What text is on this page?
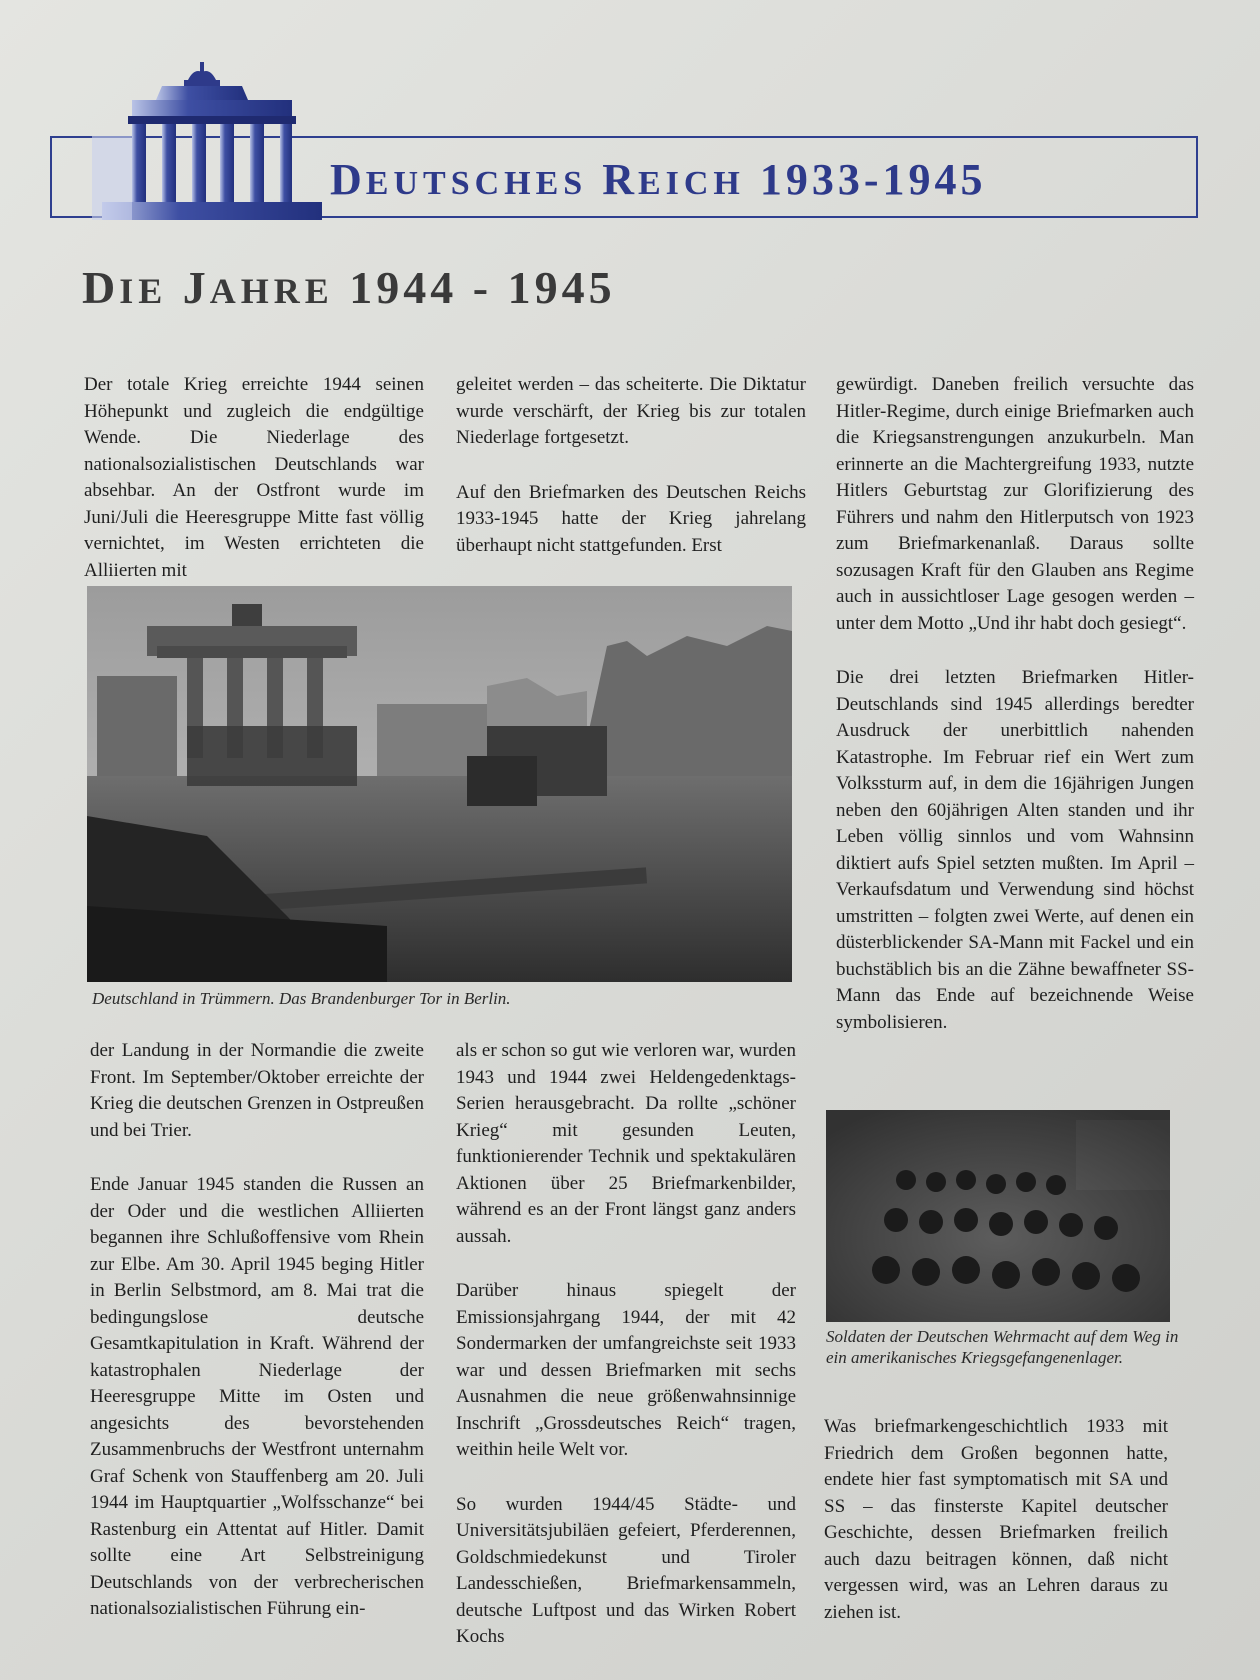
DEUTSCHES REICH 1933-1945
DIE JAHRE 1944 - 1945

Der totale Krieg erreichte 1944 seinen Höhepunkt und zugleich die endgültige Wende. Die Niederlage des nationalsozialistischen Deutschlands war absehbar. An der Ostfront wurde im Juni/Juli die Heeresgruppe Mitte fast völlig vernichtet, im Westen errichteten die Alliierten mit

geleitet werden – das scheiterte. Die Diktatur wurde verschärft, der Krieg bis zur totalen Niederlage fortgesetzt.

Auf den Briefmarken des Deutschen Reichs 1933-1945 hatte der Krieg jahrelang überhaupt nicht stattgefunden. Erst

gewürdigt. Daneben freilich versuchte das Hitler-Regime, durch einige Briefmarken auch die Kriegsanstrengungen anzukurbeln. Man erinnerte an die Machtergreifung 1933, nutzte Hitlers Geburtstag zur Glorifizierung des Führers und nahm den Hitlerputsch von 1923 zum Briefmarkenanlaß. Daraus sollte sozusagen Kraft für den Glauben ans Regime auch in aussichtloser Lage gesogen werden – unter dem Motto „Und ihr habt doch gesiegt“.

Die drei letzten Briefmarken Hitler-Deutschlands sind 1945 allerdings beredter Ausdruck der unerbittlich nahenden Katastrophe. Im Februar rief ein Wert zum Volkssturm auf, in dem die 16jährigen Jungen neben den 60jährigen Alten standen und ihr Leben völlig sinnlos und vom Wahnsinn diktiert aufs Spiel setzten mußten. Im April – Verkaufsdatum und Verwendung sind höchst umstritten – folgten zwei Werte, auf denen ein düsterblickender SA-Mann mit Fackel und ein buchstäblich bis an die Zähne bewaffneter SS-Mann das Ende auf bezeichnende Weise symbolisieren.

Deutschland in Trümmern. Das Brandenburger Tor in Berlin.

der Landung in der Normandie die zweite Front. Im September/Oktober erreichte der Krieg die deutschen Grenzen in Ostpreußen und bei Trier.

Ende Januar 1945 standen die Russen an der Oder und die westlichen Alliierten begannen ihre Schlußoffensive vom Rhein zur Elbe. Am 30. April 1945 beging Hitler in Berlin Selbstmord, am 8. Mai trat die bedingungslose deutsche Gesamtkapitulation in Kraft. Während der katastrophalen Niederlage der Heeresgruppe Mitte im Osten und angesichts des bevorstehenden Zusammenbruchs der Westfront unternahm Graf Schenk von Stauffenberg am 20. Juli 1944 im Hauptquartier „Wolfsschanze“ bei Rastenburg ein Attentat auf Hitler. Damit sollte eine Art Selbstreinigung Deutschlands von der verbrecherischen nationalsozialistischen Führung ein-

als er schon so gut wie verloren war, wurden 1943 und 1944 zwei Heldengedenktags-Serien herausgebracht. Da rollte „schöner Krieg“ mit gesunden Leuten, funktionierender Technik und spektakulären Aktionen über 25 Briefmarkenbilder, während es an der Front längst ganz anders aussah.

Darüber hinaus spiegelt der Emissionsjahrgang 1944, der mit 42 Sondermarken der umfangreichste seit 1933 war und dessen Briefmarken mit sechs Ausnahmen die neue größenwahnsinnige Inschrift „Grossdeutsches Reich“ tragen, weithin heile Welt vor.

So wurden 1944/45 Städte- und Universitätsjubiläen gefeiert, Pferderennen, Goldschmiedekunst und Tiroler Landesschießen, Briefmarkensammeln, deutsche Luftpost und das Wirken Robert Kochs

Soldaten der Deutschen Wehrmacht auf dem Weg in ein amerikanisches Kriegsgefangenenlager.

Was briefmarkengeschichtlich 1933 mit Friedrich dem Großen begonnen hatte, endete hier fast symptomatisch mit SA und SS – das finsterste Kapitel deutscher Geschichte, dessen Briefmarken freilich auch dazu beitragen können, daß nicht vergessen wird, was an Lehren daraus zu ziehen ist.
